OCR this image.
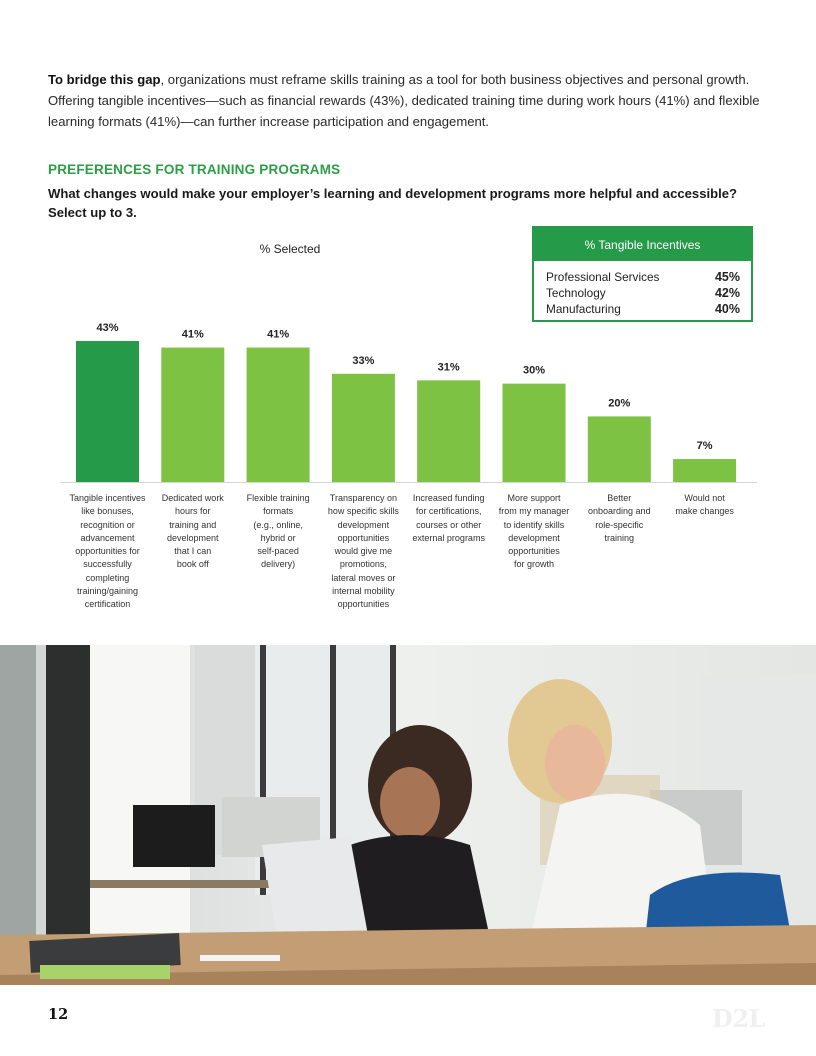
To bridge this gap, organizations must reframe skills training as a tool for both business objectives and personal growth. Offering tangible incentives—such as financial rewards (43%), dedicated training time during work hours (41%) and flexible learning formats (41%)—can further increase participation and engagement.
PREFERENCES FOR TRAINING PROGRAMS
What changes would make your employer’s learning and development programs more helpful and accessible? Select up to 3.
% Selected
43%
41%	41%
33%
31%	30%
20%
7%
Tangible incentives
like bonuses,
recognition or
advancement
opportunities for
successfully
completing
training/gaining
certification
Dedicated work
hours for
training and
development
that I can
book off
Flexible training
formats
(e.g., online,
hybrid or
self-paced
delivery)
Transparency on
how specific skills
development
opportunities
would give me
promotions,
lateral moves or
internal mobility
opportunities
Increased funding
for certifications,
courses or other
external programs
More support
from my manager
to identify skills
development
opportunities
for growth
Better
onboarding and
role-specific
training
Would not
make changes
% Tangible Incentives
Professional Services	45%
Technology	42%
Manufacturing	40%
12	D2L
